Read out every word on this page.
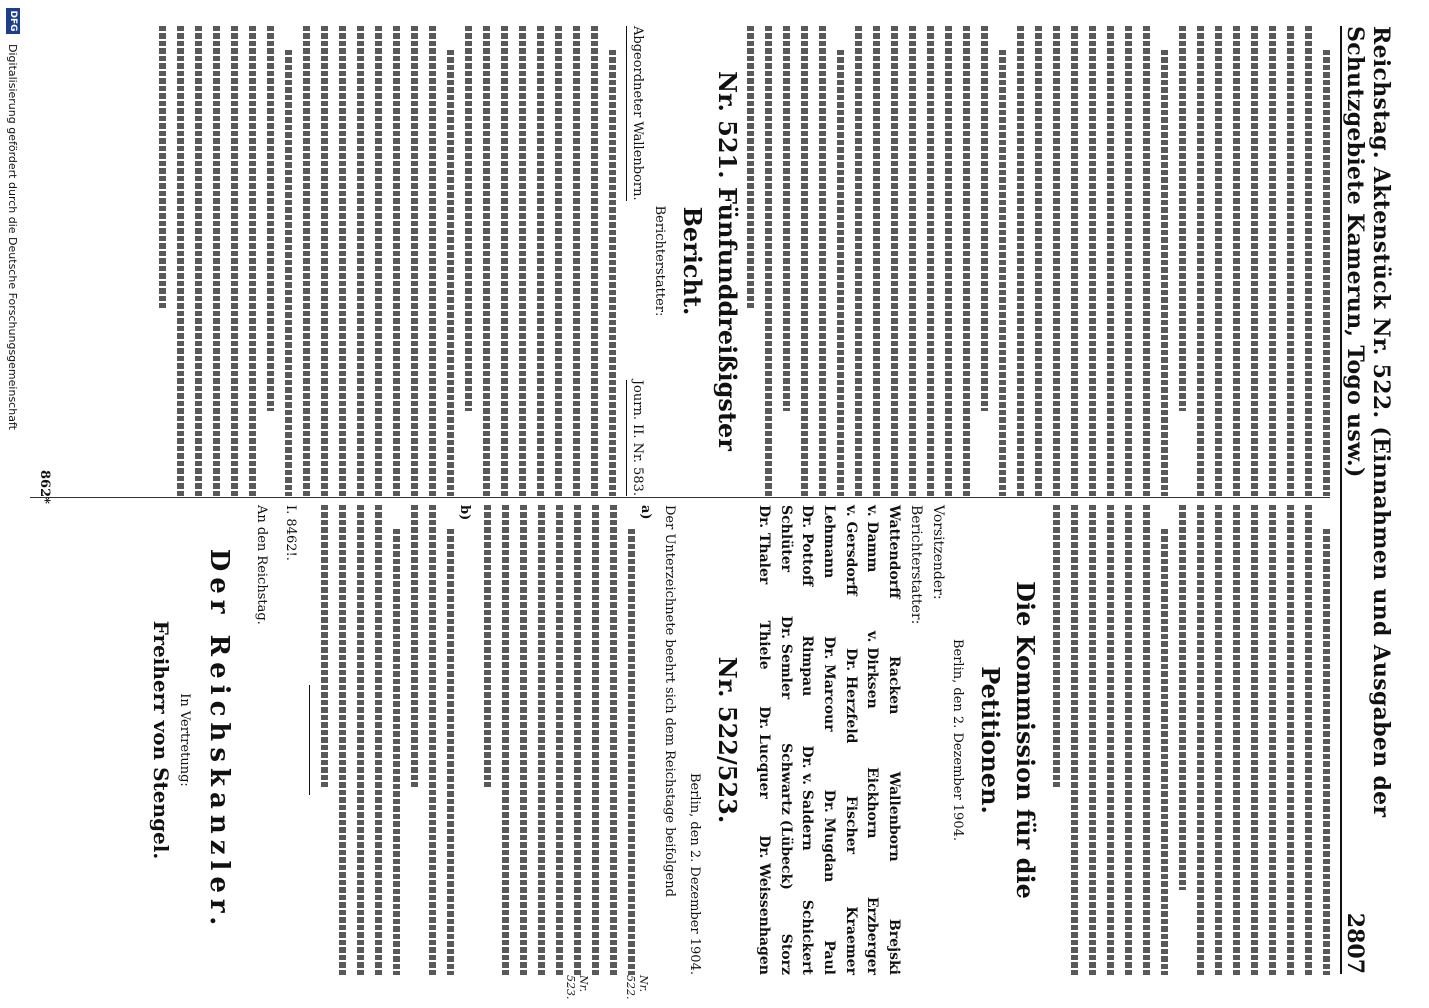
Reichstag. Aktenstück Nr. 522. (Einnahmen und Ausgaben der Schutzgebiete Kamerun, Togo usw.)
2807
Die Kommission für die Petitionen.
Berlin, den 2. Dezember 1904.
Vorsitzender:
Berichterstatter:
Wattendorff
Racken
Wallenborn
Brejski
v. Damm
v. Dirksen
Eickhorn
Erzberger
v. Gersdorff
Dr. Herzfeld
Fischer
Kraemer
Lehmann
Dr. Marcour
Dr. Mugdan
Paul
Dr. Pottoff
Rimpau
Dr. v. Saldern
Schickert
Schlüter
Dr. Semler
Schwartz (Lübeck)
Storz
Dr. Thaler
Thiele
Dr. Lucquer
Dr. Weissenhagen
Nr. 521. Fünfunddreißigster Bericht.
Berichterstatter:
Abgeordneter Wallenborn.
Journ. II. Nr. 583.
Nr. 522/523.
Berlin, den 2. Dezember 1904.
Der Unterzeichnete beehrt sich dem Reichstage beifolgend
a)
b)
I. 8462!.
An den Reichstag.
Der Reichskanzler.
In Vertretung:
Freiherr von Stengel.
Nr. 522.
Nr. 523.
862*
DFG
Digitalisierung gefördert durch die Deutsche Forschungsgemeinschaft
